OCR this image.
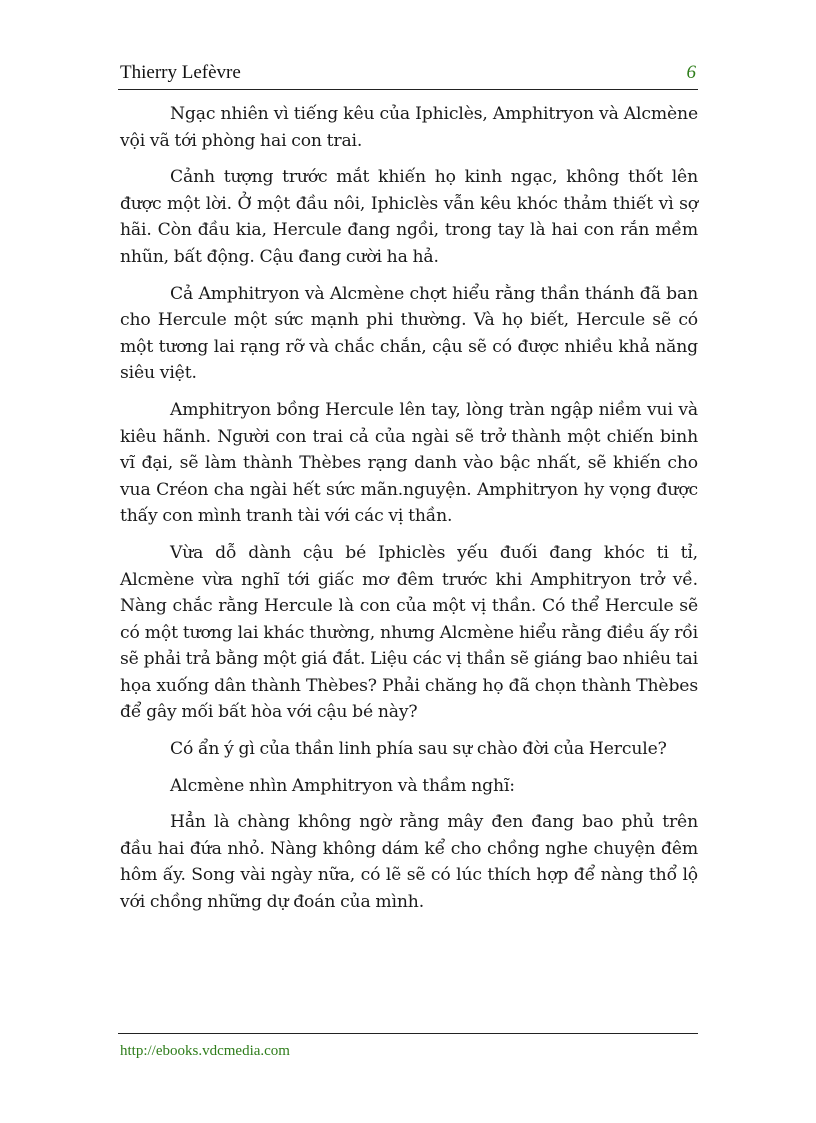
Thierry Lefèvre	6

Ngạc nhiên vì tiếng kêu của Iphiclès, Amphitryon và Alcmène vội vã tới phòng hai con trai.

Cảnh tượng trước mắt khiến họ kinh ngạc, không thốt lên được một lời. Ở một đầu nôi, Iphiclès vẫn kêu khóc thảm thiết vì sợ hãi. Còn đầu kia, Hercule đang ngồi, trong tay là hai con rắn mềm nhũn, bất động. Cậu đang cười ha hả.

Cả Amphitryon và Alcmène chợt hiểu rằng thần thánh đã ban cho Hercule một sức mạnh phi thường. Và họ biết, Hercule sẽ có một tương lai rạng rỡ và chắc chắn, cậu sẽ có được nhiều khả năng siêu việt.

Amphitryon bồng Hercule lên tay, lòng tràn ngập niềm vui và kiêu hãnh. Người con trai cả của ngài sẽ trở thành một chiến binh vĩ đại, sẽ làm thành Thèbes rạng danh vào bậc nhất, sẽ khiến cho vua Créon cha ngài hết sức mãn.nguyện. Amphitryon hy vọng được thấy con mình tranh tài với các vị thần.

Vừa dỗ dành cậu bé Iphiclès yếu đuối đang khóc ti tỉ, Alcmène vừa nghĩ tới giấc mơ đêm trước khi Amphitryon trở về. Nàng chắc rằng Hercule là con của một vị thần. Có thể Hercule sẽ có một tương lai khác thường, nhưng Alcmène hiểu rằng điều ấy rồi sẽ phải trả bằng một giá đắt. Liệu các vị thần sẽ giáng bao nhiêu tai họa xuống dân thành Thèbes? Phải chăng họ đã chọn thành Thèbes để gây mối bất hòa với cậu bé này?

Có ẩn ý gì của thần linh phía sau sự chào đời của Hercule?

Alcmène nhìn Amphitryon và thầm nghĩ:

Hẳn là chàng không ngờ rằng mây đen đang bao phủ trên đầu hai đứa nhỏ. Nàng không dám kể cho chồng nghe chuyện đêm hôm ấy. Song vài ngày nữa, có lẽ sẽ có lúc thích hợp để nàng thổ lộ với chồng những dự đoán của mình.

http://ebooks.vdcmedia.com
